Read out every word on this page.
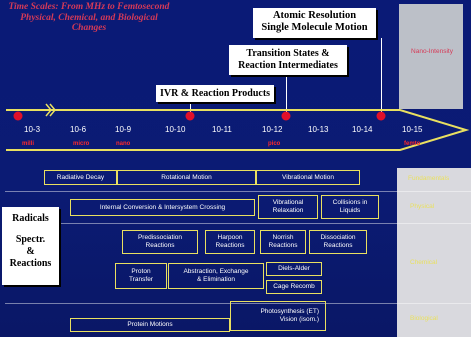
Time Scales: From MHz to Femtosecond
Physical, Chemical, and Biological
Changes
Atomic Resolution
Single Molecule Motion
Transition States &
Reaction Intermediates
IVR & Reaction Products
Nano-Intensity
10-3	10-6	10-9	10-10	10-11	10-12	10-13	10-14	10-15
milli	micro	nano	pico	femto
Fundamentals
Physical
Chemical
Biological
Radiative Decay	Rotational Motion	Vibrational Motion
Internal Conversion & Intersystem Crossing
Vibrational
Relaxation
Collisions in
Liquids
Predissociation
Reactions
Harpoon
Reactions
Norrish
Reactions
Dissociation
Reactions
Proton
Transfer
Abstraction, Exchange
& Elimination
Diels-Alder
Cage Recomb
Photosynthesis (ET)
Vision (isom.)
Protein Motions
Radicals
Spectr.
&
Reactions
